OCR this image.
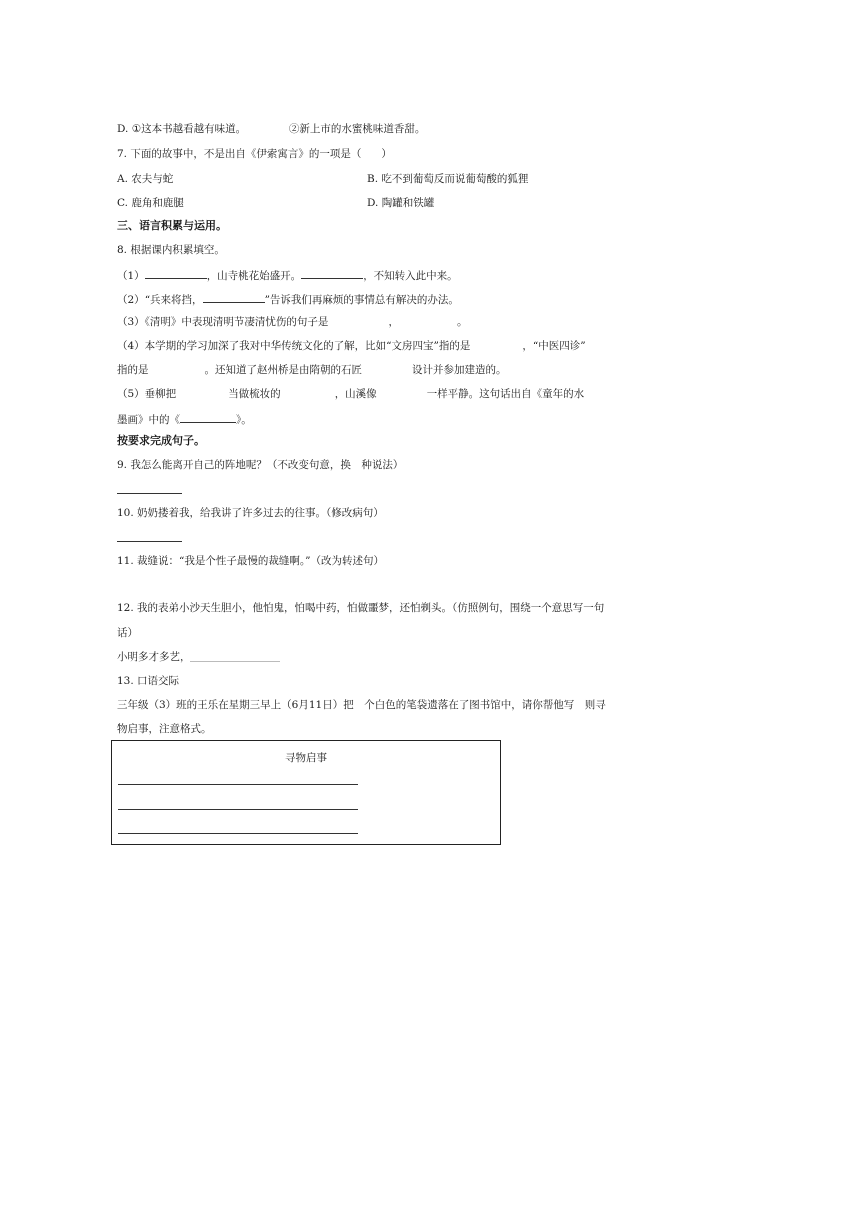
D. ①这本书越看越有味道。	②新上市的水蜜桃味道香甜。
7. 下面的故事中，不是出自《伊索寓言》的一项是（ ）
A. 农夫与蛇	B. 吃不到葡萄反而说葡萄酸的狐狸
C. 鹿角和鹿腿	D. 陶罐和铁罐
三、语言积累与运用。
8. 根据课内积累填空。
（1）	，山寺桃花始盛开。	，不知转入此中来。
（2）“兵来将挡，	”告诉我们再麻烦的事情总有解决的办法。
（3）《清明》中表现清明节凄清忧伤的句子是	，	。
（4）本学期的学习加深了我对中华传统文化的了解，比如“文房四宝”指的是	，“中医四诊”
指的是	。还知道了赵州桥是由隋朝的石匠	设计并参加建造的。
（5）垂柳把	当做梳妆的	，山溪像	一样平静。这句话出自《童年的水
墨画》中的《	》。
按要求完成句子。
9. 我怎么能离开自己的阵地呢？（不改变句意，换　种说法）
10. 奶奶搂着我，给我讲了许多过去的往事。（修改病句）
11. 裁缝说：“我是个性子最慢的裁缝啊。”（改为转述句）
12. 我的表弟小沙天生胆小，他怕鬼，怕喝中药，怕做噩梦，还怕剃头。（仿照例句，围绕一个意思写一句
话）
小明多才多艺，
13. 口语交际
三年级（3）班的王乐在星期三早上（6月11日）把　个白色的笔袋遗落在了图书馆中，请你帮他写　则寻
物启事，注意格式。
寻物启事
